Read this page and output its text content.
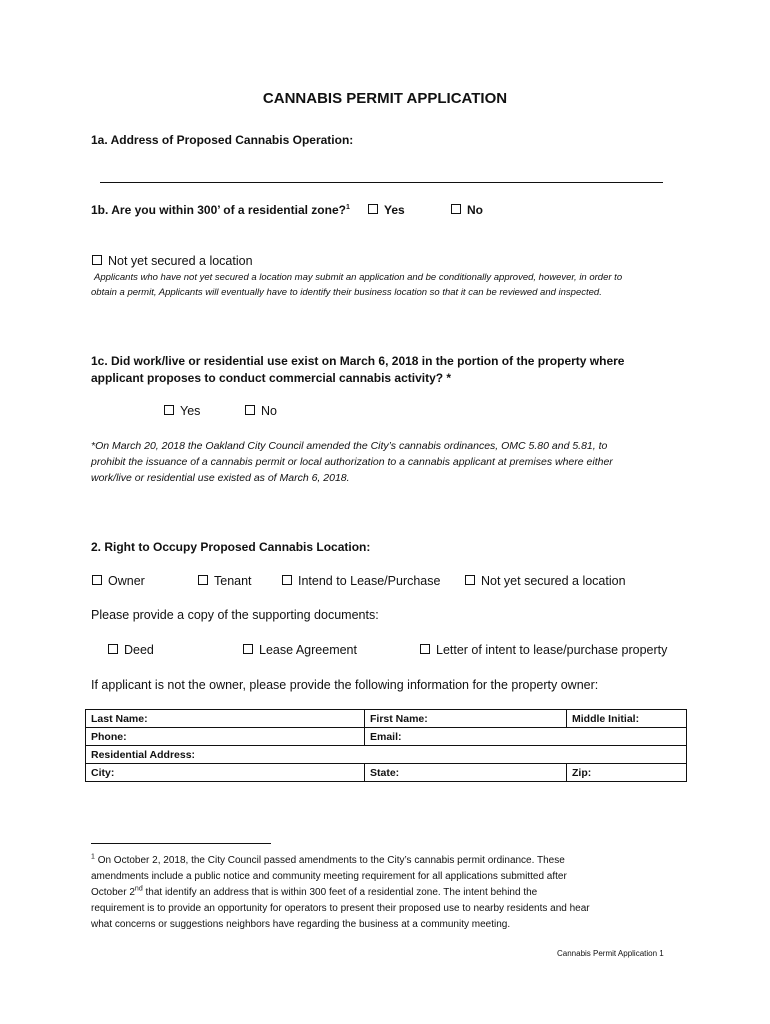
CANNABIS PERMIT APPLICATION
1a. Address of Proposed Cannabis Operation:
1b. Are you within 300’ of a residential zone?$^1$	Yes	No
Not yet secured a location
Applicants who have not yet secured a location may submit an application and be conditionally approved, however, in order to
obtain a permit, Applicants will eventually have to identify their business location so that it can be reviewed and inspected.
1c. Did work/live or residential use exist on March 6, 2018 in the portion of the property where
applicant proposes to conduct commercial cannabis activity? *
Yes	No
*On March 20, 2018 the Oakland City Council amended the City’s cannabis ordinances, OMC 5.80 and 5.81, to
prohibit the issuance of a cannabis permit or local authorization to a cannabis applicant at premises where either
work/live or residential use existed as of March 6, 2018.
2. Right to Occupy Proposed Cannabis Location:
Owner	Tenant	Intend to Lease/Purchase	Not yet secured a location
Please provide a copy of the supporting documents:
Deed	Lease Agreement	Letter of intent to lease/purchase property
If applicant is not the owner, please provide the following information for the property owner:
Last Name:	First Name:	Middle Initial:
Phone:	Email:	
Residential Address:		
City:	State:	Zip:
$^1$ On October 2, 2018, the City Council passed amendments to the City’s cannabis permit ordinance. These
amendments include a public notice and community meeting requirement for all applications submitted after
October 2nd that identify an address that is within 300 feet of a residential zone. The intent behind the
requirement is to provide an opportunity for operators to present their proposed use to nearby residents and hear
what concerns or suggestions neighbors have regarding the business at a community meeting.
Cannabis Permit Application 1
